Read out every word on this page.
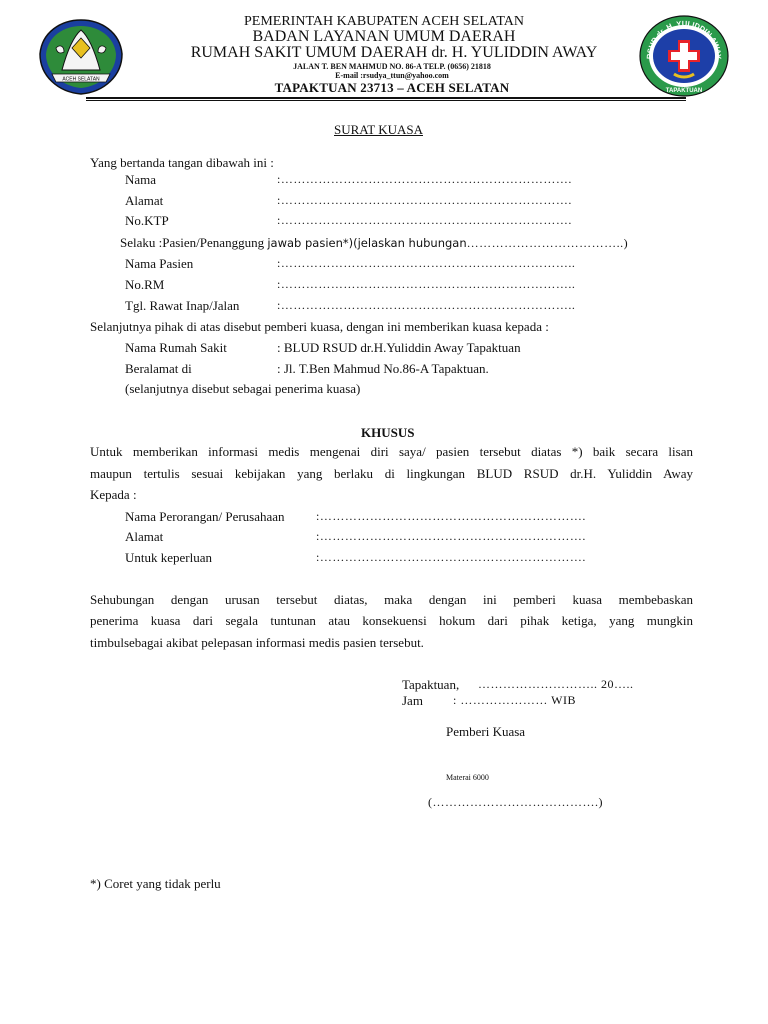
ACEH SELATAN
RSUD dr. H. YULIDDIN AWAY
TAPAKTUAN
PEMERINTAH KABUPATEN ACEH SELATAN
BADAN LAYANAN UMUM DAERAH
RUMAH SAKIT UMUM DAERAH dr. H. YULIDDIN AWAY
JALAN T. BEN MAHMUD NO. 86-A TELP. (0656) 21818
E-mail :rsudya_ttun@yahoo.com
TAPAKTUAN 23713 – ACEH SELATAN
SURAT KUASA
Yang bertanda tangan dibawah ini :
Nama	:…………………………………………………………….
Alamat	:…………………………………………………………….
No.KTP	:…………………………………………………………….
Selaku :Pasien/Penanggung jawab pasien*)(jelaskan hubungan………………………………..)
Nama Pasien	:……………………………………………………………..
No.RM	:……………………………………………………………..
Tgl. Rawat Inap/Jalan	:……………………………………………………………..
Selanjutnya pihak di atas disebut pemberi kuasa, dengan ini memberikan kuasa kepada :
Nama Rumah Sakit	: BLUD RSUD dr.H.Yuliddin Away Tapaktuan
Beralamat di	: Jl. T.Ben Mahmud No.86-A Tapaktuan.
(selanjutnya disebut sebagai penerima kuasa)
KHUSUS
Untuk memberikan informasi medis mengenai diri saya/ pasien tersebut diatas *) baik secara lisan
maupun tertulis sesuai kebijakan yang berlaku di lingkungan BLUD RSUD dr.H. Yuliddin Away
Kepada :
Nama Perorangan/ Perusahaan	:……………………………………………………….
Alamat	:……………………………………………………….
Untuk keperluan	:……………………………………………………….
Sehubungan dengan urusan tersebut diatas, maka dengan ini pemberi kuasa membebaskan
penerima kuasa dari segala tuntunan atau konsekuensi hokum dari pihak ketiga, yang mungkin
timbulsebagai akibat pelepasan informasi medis pasien tersebut.
Tapaktuan, ……………………….. 20…..
Jam	: ………………… WIB
Pemberi Kuasa
Materai 6000
(………………………………….)
*) Coret yang tidak perlu
